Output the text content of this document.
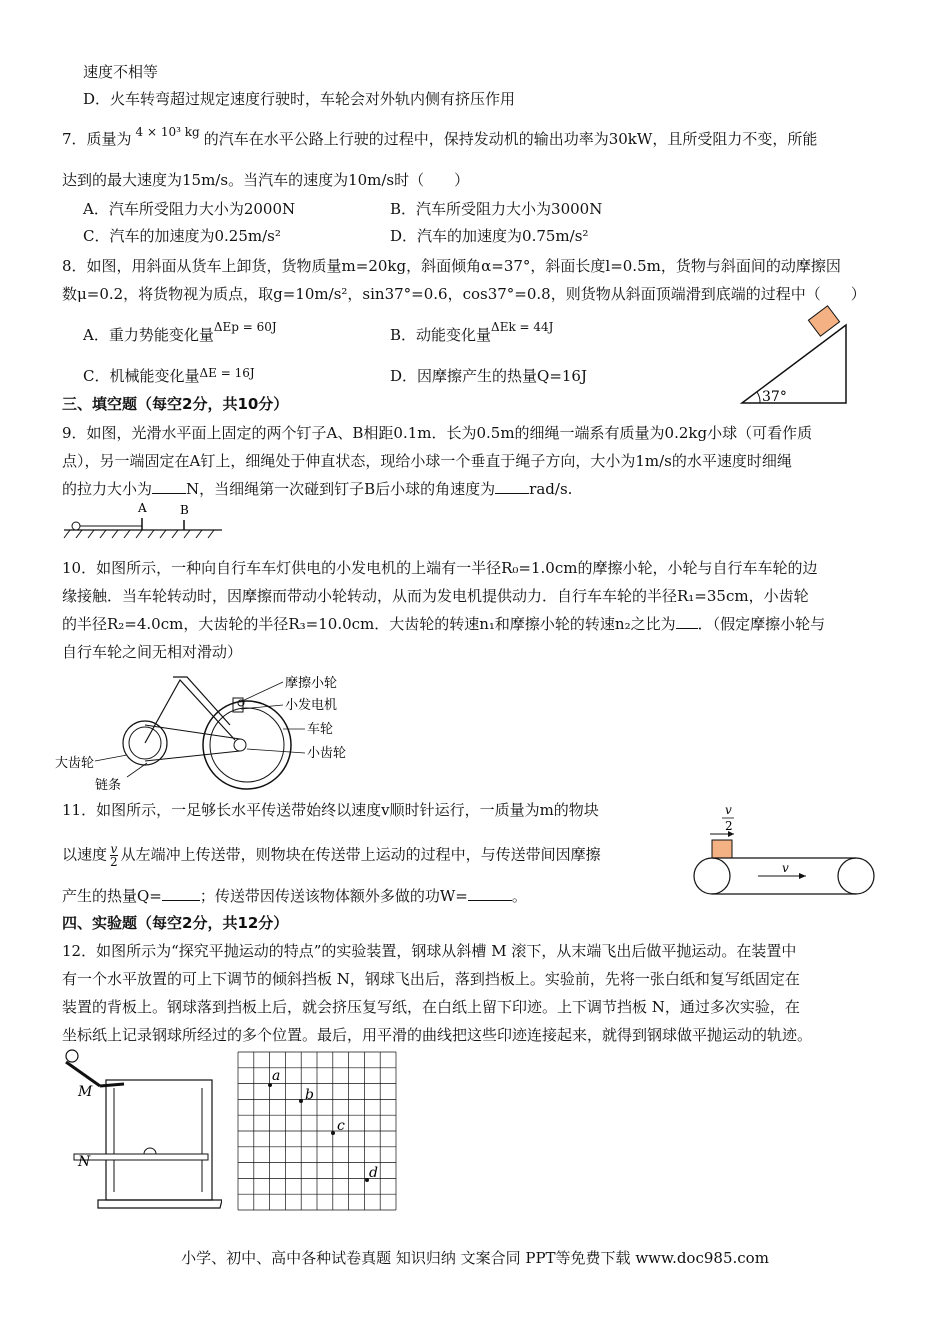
速度不相等
D．火车转弯超过规定速度行驶时，车轮会对外轨内侧有挤压作用
7．质量为 $^{4 \times 10^3 kg}$ 的汽车在水平公路上行驶的过程中，保持发动机的输出功率为30kW，且所受阻力不变，所能
达到的最大速度为15m/s。当汽车的速度为10m/s时（　　）
A．汽车所受阻力大小为2000N	B．汽车所受阻力大小为3000N
C．汽车的加速度为0.25m/s²	D．汽车的加速度为0.75m/s²
8．如图，用斜面从货车上卸货，货物质量m=20kg，斜面倾角α=37°，斜面长度l=0.5m，货物与斜面间的动摩擦因
数μ=0.2，将货物视为质点，取g=10m/s²，sin37°=0.6，cos37°=0.8，则货物从斜面顶端滑到底端的过程中（　　）
A．重力势能变化量$^{\Delta Ep = 60J}$	B．动能变化量$^{\Delta Ek = 44J}$
C．机械能变化量$^{\Delta E = 16J}$	D．因摩擦产生的热量Q=16J
三、填空题（每空2分，共10分）
9．如图，光滑水平面上固定的两个钉子A、B相距0.1m．长为0.5m的细绳一端系有质量为0.2kg小球（可看作质
点），另一端固定在A钉上，细绳处于伸直状态，现给小球一个垂直于绳子方向，大小为1m/s的水平速度时细绳
的拉力大小为 N，当细绳第一次碰到钉子B后小球的角速度为 rad/s.
10．如图所示，一种向自行车车灯供电的小发电机的上端有一半径R₀=1.0cm的摩擦小轮，小轮与自行车车轮的边
缘接触．当车轮转动时，因摩擦而带动小轮转动，从而为发电机提供动力．自行车车轮的半径R₁=35cm，小齿轮
的半径R₂=4.0cm，大齿轮的半径R₃=10.0cm．大齿轮的转速n₁和摩擦小轮的转速n₂之比为 ．（假定摩擦小轮与
自行车轮之间无相对滑动）
11．如图所示，一足够长水平传送带始终以速度v顺时针运行，一质量为m的物块
以速度 $\frac{v}{2}$ 从左端冲上传送带，则物块在传送带上运动的过程中，与传送带间因摩擦
产生的热量Q=	；传送带因传送该物体额外多做的功W=	。
四、实验题（每空2分，共12分）
12．如图所示为“探究平抛运动的特点”的实验装置，钢球从斜槽 M 滚下，从末端飞出后做平抛运动。在装置中
有一个水平放置的可上下调节的倾斜挡板 N，钢球飞出后，落到挡板上。实验前，先将一张白纸和复写纸固定在
装置的背板上。钢球落到挡板上后，就会挤压复写纸，在白纸上留下印迹。上下调节挡板 N，通过多次实验，在
坐标纸上记录钢球所经过的多个位置。最后，用平滑的曲线把这些印迹连接起来，就得到钢球做平抛运动的轨迹。
37°
A	B
摩擦小轮
小发电机
车轮
小齿轮
大齿轮
链条
v
2
v
M
N
a
b
c
d
小学、初中、高中各种试卷真题 知识归纳 文案合同 PPT等免费下载 www.doc985.com
